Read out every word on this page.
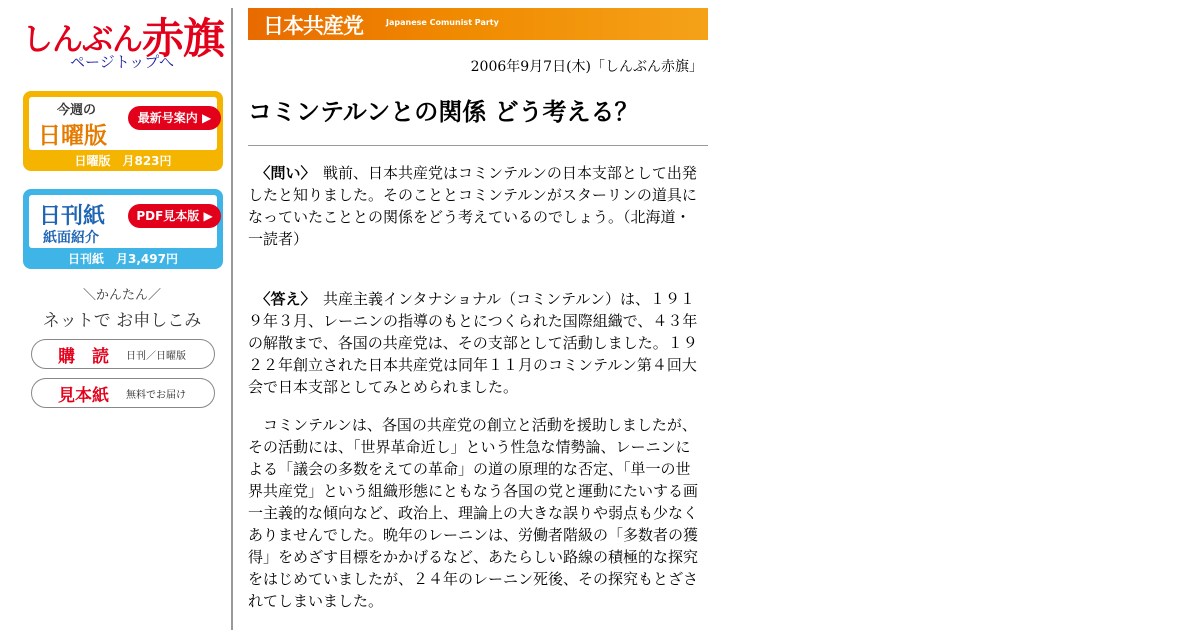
しんぶん赤旗
ページトップへ
今週の
日曜版
最新号案内 ▶
日曜版　月823円
日刊紙
紙面紹介
PDF見本版 ▶
日刊紙　月3,497円
＼かんたん／
ネットで お申しこみ
購　読 日刊／日曜版
見本紙 無料でお届け
日本共産党	Japanese Comunist Party
2006年9月7日(木)「しんぶん赤旗」
コミンテルンとの関係 どう考える？

　〈問い〉　 戦前、日本共産党はコミンテルンの日本支部として出発したと知りました。そのこととコミンテルンがスターリンの道具になっていたこととの関係をどう考えているのでしょう。（北海道・一読者）

　〈答え〉　 共産主義インタナショナル（コミンテルン）は、１９１９年３月、レーニンの指導のもとにつくられた国際組織で、４３年の解散まで、各国の共産党は、その支部として活動しました。１９２２年創立された日本共産党は同年１１月のコミンテルン第４回大会で日本支部としてみとめられました。

　コミンテルンは、各国の共産党の創立と活動を援助しましたが、その活動には、「世界革命近し」という性急な情勢論、レーニンによる「議会の多数をえての革命」の道の原理的な否定、「単一の世界共産党」という組織形態にともなう各国の党と運動にたいする画一主義的な傾向など、政治上、理論上の大きな誤りや弱点も少なくありませんでした。晩年のレーニンは、労働者階級の「多数者の獲得」をめざす目標をかかげるなど、あたらしい路線の積極的な探究をはじめていましたが、２４年のレーニン死後、その探究もとざされてしまいました。
